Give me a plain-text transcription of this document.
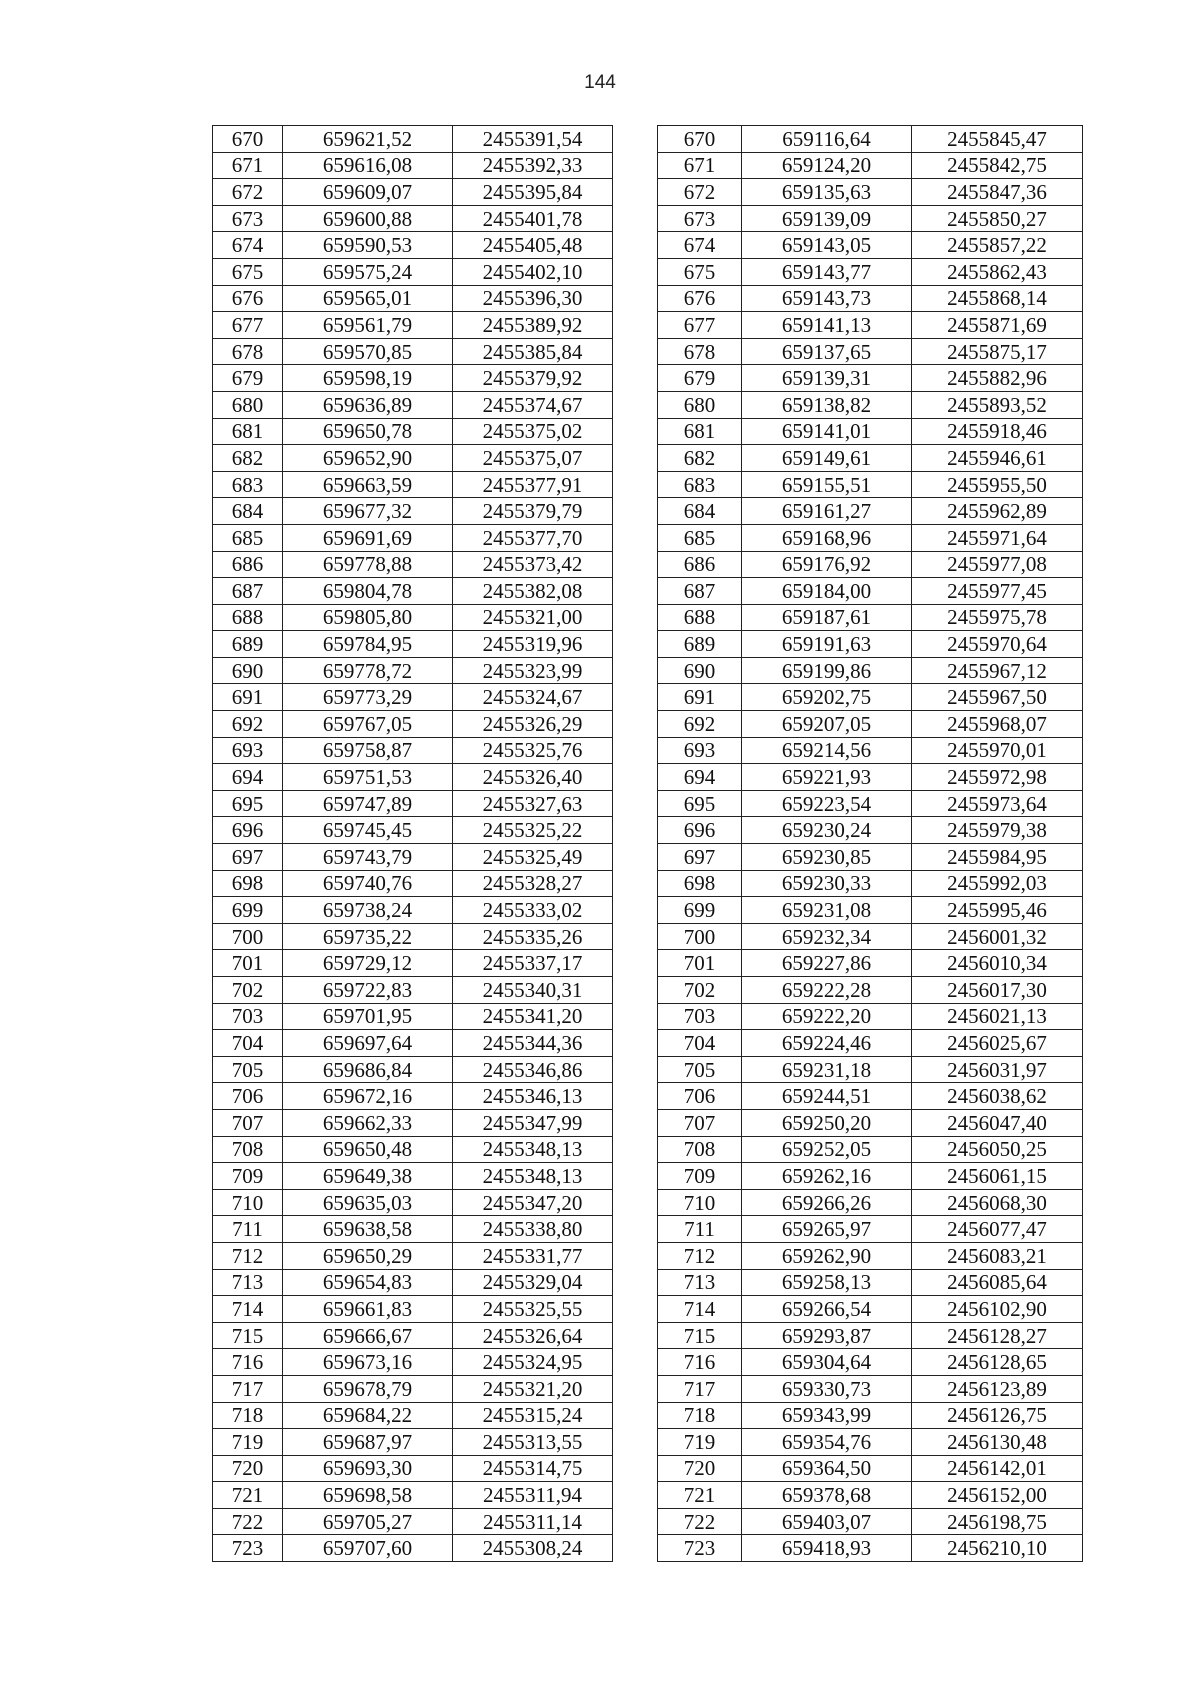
144
670	659621,52	2455391,54		670	659116,64	2455845,47
671	659616,08	2455392,33		671	659124,20	2455842,75
672	659609,07	2455395,84		672	659135,63	2455847,36
673	659600,88	2455401,78		673	659139,09	2455850,27
674	659590,53	2455405,48		674	659143,05	2455857,22
675	659575,24	2455402,10		675	659143,77	2455862,43
676	659565,01	2455396,30		676	659143,73	2455868,14
677	659561,79	2455389,92		677	659141,13	2455871,69
678	659570,85	2455385,84		678	659137,65	2455875,17
679	659598,19	2455379,92		679	659139,31	2455882,96
680	659636,89	2455374,67		680	659138,82	2455893,52
681	659650,78	2455375,02		681	659141,01	2455918,46
682	659652,90	2455375,07		682	659149,61	2455946,61
683	659663,59	2455377,91		683	659155,51	2455955,50
684	659677,32	2455379,79		684	659161,27	2455962,89
685	659691,69	2455377,70		685	659168,96	2455971,64
686	659778,88	2455373,42		686	659176,92	2455977,08
687	659804,78	2455382,08		687	659184,00	2455977,45
688	659805,80	2455321,00		688	659187,61	2455975,78
689	659784,95	2455319,96		689	659191,63	2455970,64
690	659778,72	2455323,99		690	659199,86	2455967,12
691	659773,29	2455324,67		691	659202,75	2455967,50
692	659767,05	2455326,29		692	659207,05	2455968,07
693	659758,87	2455325,76		693	659214,56	2455970,01
694	659751,53	2455326,40		694	659221,93	2455972,98
695	659747,89	2455327,63		695	659223,54	2455973,64
696	659745,45	2455325,22		696	659230,24	2455979,38
697	659743,79	2455325,49		697	659230,85	2455984,95
698	659740,76	2455328,27		698	659230,33	2455992,03
699	659738,24	2455333,02		699	659231,08	2455995,46
700	659735,22	2455335,26		700	659232,34	2456001,32
701	659729,12	2455337,17		701	659227,86	2456010,34
702	659722,83	2455340,31		702	659222,28	2456017,30
703	659701,95	2455341,20		703	659222,20	2456021,13
704	659697,64	2455344,36		704	659224,46	2456025,67
705	659686,84	2455346,86		705	659231,18	2456031,97
706	659672,16	2455346,13		706	659244,51	2456038,62
707	659662,33	2455347,99		707	659250,20	2456047,40
708	659650,48	2455348,13		708	659252,05	2456050,25
709	659649,38	2455348,13		709	659262,16	2456061,15
710	659635,03	2455347,20		710	659266,26	2456068,30
711	659638,58	2455338,80		711	659265,97	2456077,47
712	659650,29	2455331,77		712	659262,90	2456083,21
713	659654,83	2455329,04		713	659258,13	2456085,64
714	659661,83	2455325,55		714	659266,54	2456102,90
715	659666,67	2455326,64		715	659293,87	2456128,27
716	659673,16	2455324,95		716	659304,64	2456128,65
717	659678,79	2455321,20		717	659330,73	2456123,89
718	659684,22	2455315,24		718	659343,99	2456126,75
719	659687,97	2455313,55		719	659354,76	2456130,48
720	659693,30	2455314,75		720	659364,50	2456142,01
721	659698,58	2455311,94		721	659378,68	2456152,00
722	659705,27	2455311,14		722	659403,07	2456198,75
723	659707,60	2455308,24		723	659418,93	2456210,10
